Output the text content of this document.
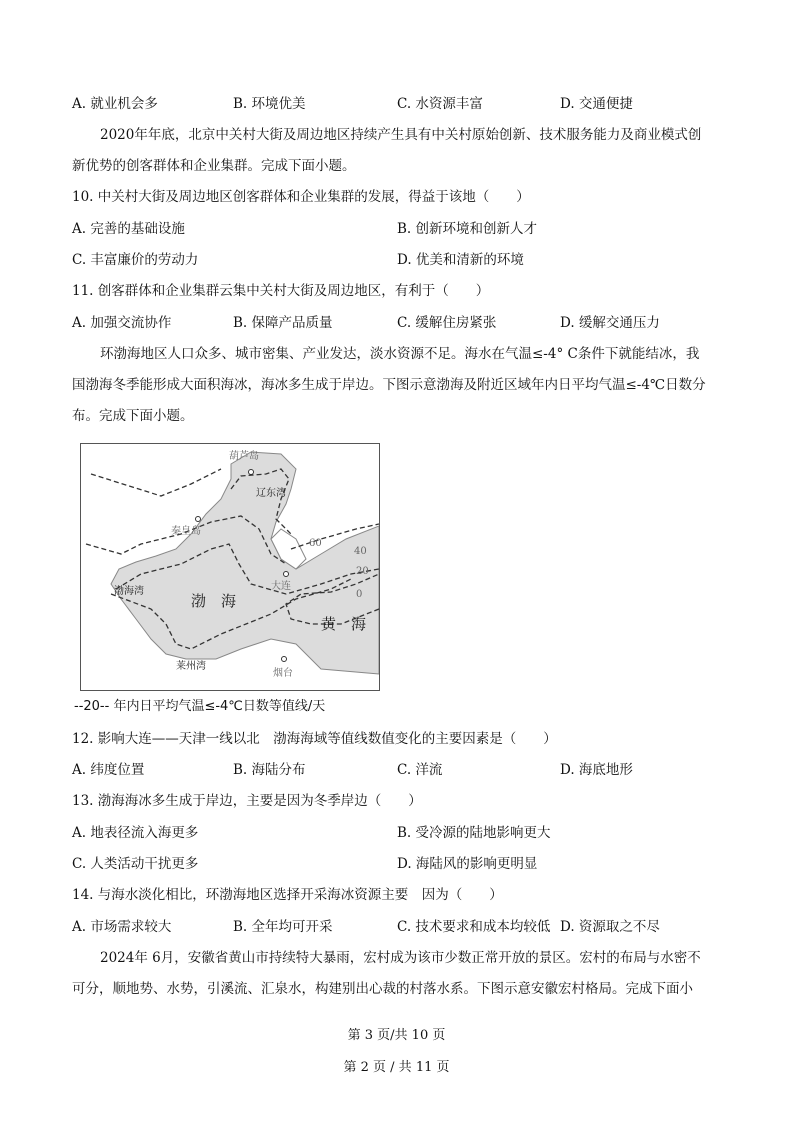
A. 就业机会多	B. 环境优美	C. 水资源丰富	D. 交通便捷
2020年年底，北京中关村大街及周边地区持续产生具有中关村原始创新、技术服务能力及商业模式创
新优势的创客群体和企业集群。完成下面小题。
10. 中关村大街及周边地区创客群体和企业集群的发展，得益于该地（　　）
A. 完善的基础设施	B. 创新环境和创新人才
C. 丰富廉价的劳动力	D. 优美和清新的环境
11. 创客群体和企业集群云集中关村大街及周边地区，有利于（　　）
A. 加强交流协作	B. 保障产品质量	C. 缓解住房紧张	D. 缓解交通压力
环渤海地区人口众多、城市密集、产业发达，淡水资源不足。海水在气温≤-4° C条件下就能结冰，我
国渤海冬季能形成大面积海冰，海冰多生成于岸边。下图示意渤海及附近区域年内日平均气温≤-4℃日数分
布。完成下面小题。
葫芦岛
辽东湾
秦皇岛
渤海湾
渤　海
大连
黄　海
莱州湾
烟台
60
40
20
0
--20-- 年内日平均气温≤-4℃日数等值线/天
12. 影响大连——天津一线以北　渤海海域等值线数值变化的主要因素是（　　）
A. 纬度位置	B. 海陆分布	C. 洋流	D. 海底地形
13. 渤海海冰多生成于岸边，主要是因为冬季岸边（　　）
A. 地表径流入海更多	B. 受冷源的陆地影响更大
C. 人类活动干扰更多	D. 海陆风的影响更明显
14. 与海水淡化相比，环渤海地区选择开采海冰资源主要　因为（　　）
A. 市场需求较大	B. 全年均可开采	C. 技术要求和成本均较低 D. 资源取之不尽
2024年 6月，安徽省黄山市持续特大暴雨，宏村成为该市少数正常开放的景区。宏村的布局与水密不
可分，顺地势、水势，引溪流、汇泉水，构建别出心裁的村落水系。下图示意安徽宏村格局。完成下面小
第 3 页/共 10 页
第 2 页 / 共 11 页
